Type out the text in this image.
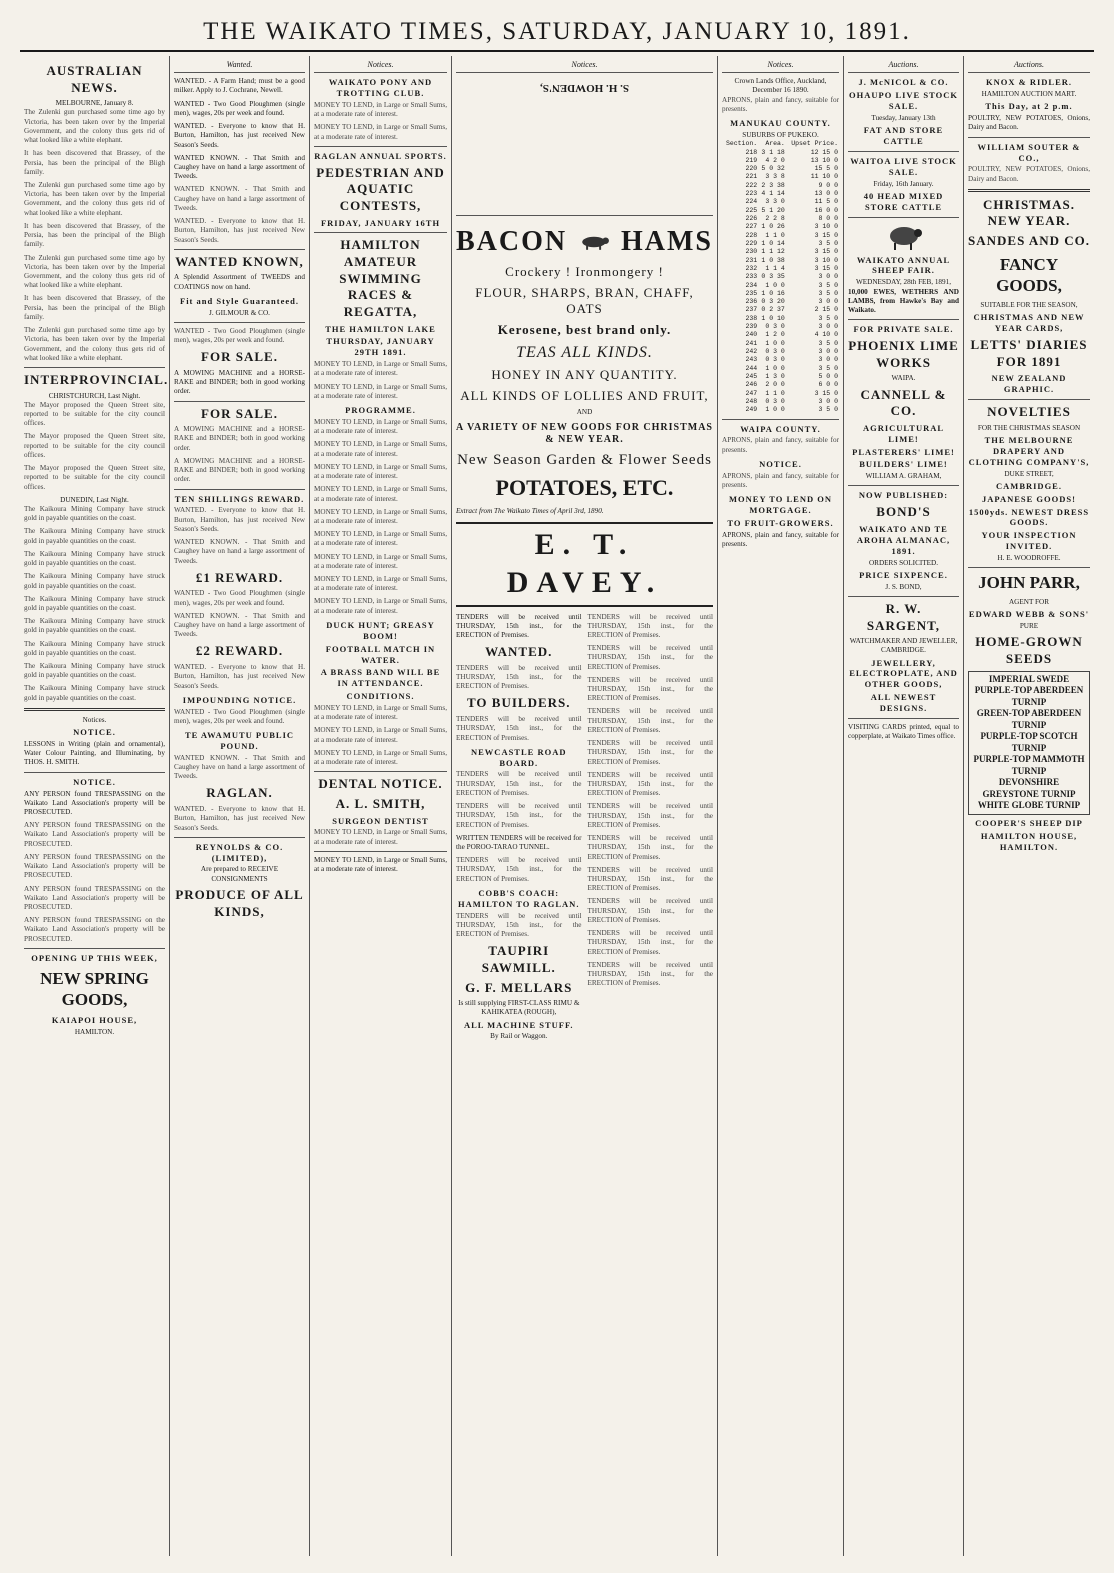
THE WAIKATO TIMES, SATURDAY, JANUARY 10, 1891.
AUSTRALIAN NEWS.
MELBOURNE, January 8.
The Zulenki gun purchased some time ago by Victoria, has been taken over by the Imperial Government, and the colony thus gets rid of what looked like a white elephant.
It has been discovered that Brassey, of the Persia, has been the principal of the Bligh family.
The Zulenki gun purchased some time ago by Victoria, has been taken over by the Imperial Government, and the colony thus gets rid of what looked like a white elephant.
It has been discovered that Brassey, of the Persia, has been the principal of the Bligh family.
The Zulenki gun purchased some time ago by Victoria, has been taken over by the Imperial Government, and the colony thus gets rid of what looked like a white elephant.
It has been discovered that Brassey, of the Persia, has been the principal of the Bligh family.
The Zulenki gun purchased some time ago by Victoria, has been taken over by the Imperial Government, and the colony thus gets rid of what looked like a white elephant.
INTERPROVINCIAL.
CHRISTCHURCH, Last Night.
The Mayor proposed the Queen Street site, reported to be suitable for the city council offices.
The Mayor proposed the Queen Street site, reported to be suitable for the city council offices.
The Mayor proposed the Queen Street site, reported to be suitable for the city council offices.
DUNEDIN, Last Night.
The Kaikoura Mining Company have struck gold in payable quantities on the coast.
The Kaikoura Mining Company have struck gold in payable quantities on the coast.
The Kaikoura Mining Company have struck gold in payable quantities on the coast.
The Kaikoura Mining Company have struck gold in payable quantities on the coast.
The Kaikoura Mining Company have struck gold in payable quantities on the coast.
The Kaikoura Mining Company have struck gold in payable quantities on the coast.
The Kaikoura Mining Company have struck gold in payable quantities on the coast.
The Kaikoura Mining Company have struck gold in payable quantities on the coast.
The Kaikoura Mining Company have struck gold in payable quantities on the coast.
Notices.
NOTICE.
LESSONS in Writing (plain and ornamental), Water Colour Painting, and Illuminating, by THOS. H. SMITH.
NOTICE.
ANY PERSON found TRESPASSING on the Waikato Land Association's property will be PROSECUTED.
ANY PERSON found TRESPASSING on the Waikato Land Association's property will be PROSECUTED.
ANY PERSON found TRESPASSING on the Waikato Land Association's property will be PROSECUTED.
ANY PERSON found TRESPASSING on the Waikato Land Association's property will be PROSECUTED.
ANY PERSON found TRESPASSING on the Waikato Land Association's property will be PROSECUTED.
OPENING UP THIS WEEK,
NEW SPRING GOODS,
KAIAPOI HOUSE,
HAMILTON.
Wanted.
WANTED. - A Farm Hand; must be a good milker. Apply to J. Cochrane, Newell.
WANTED - Two Good Ploughmen (single men), wages, 20s per week and found.
WANTED. - Everyone to know that H. Burton, Hamilton, has just received New Season's Seeds.
WANTED KNOWN. - That Smith and Caughey have on hand a large assortment of Tweeds.
WANTED KNOWN. - That Smith and Caughey have on hand a large assortment of Tweeds.
WANTED. - Everyone to know that H. Burton, Hamilton, has just received New Season's Seeds.
WANTED KNOWN,
A Splendid Assortment of TWEEDS and COATINGS now on hand.
Fit and Style Guaranteed.
J. GILMOUR & CO.
WANTED - Two Good Ploughmen (single men), wages, 20s per week and found.
FOR SALE.
A MOWING MACHINE and a HORSE-RAKE and BINDER; both in good working order.
FOR SALE.
A MOWING MACHINE and a HORSE-RAKE and BINDER; both in good working order.
A MOWING MACHINE and a HORSE-RAKE and BINDER; both in good working order.
TEN SHILLINGS REWARD.
WANTED. - Everyone to know that H. Burton, Hamilton, has just received New Season's Seeds.
WANTED KNOWN. - That Smith and Caughey have on hand a large assortment of Tweeds.
£1 REWARD.
WANTED - Two Good Ploughmen (single men), wages, 20s per week and found.
WANTED KNOWN. - That Smith and Caughey have on hand a large assortment of Tweeds.
£2 REWARD.
WANTED. - Everyone to know that H. Burton, Hamilton, has just received New Season's Seeds.
IMPOUNDING NOTICE.
WANTED - Two Good Ploughmen (single men), wages, 20s per week and found.
TE AWAMUTU PUBLIC POUND.
WANTED KNOWN. - That Smith and Caughey have on hand a large assortment of Tweeds.
RAGLAN.
WANTED. - Everyone to know that H. Burton, Hamilton, has just received New Season's Seeds.
REYNOLDS & CO. (LIMITED),
Are prepared to RECEIVE CONSIGNMENTS
PRODUCE OF ALL KINDS,
Notices.
WAIKATO PONY AND TROTTING CLUB.
MONEY TO LEND, in Large or Small Sums, at a moderate rate of interest.
MONEY TO LEND, in Large or Small Sums, at a moderate rate of interest.
RAGLAN ANNUAL SPORTS.
PEDESTRIAN AND AQUATIC CONTESTS,
FRIDAY, JANUARY 16TH
HAMILTON AMATEUR SWIMMING RACES & REGATTA,
THE HAMILTON LAKE
THURSDAY, JANUARY 29TH 1891.
MONEY TO LEND, in Large or Small Sums, at a moderate rate of interest.
MONEY TO LEND, in Large or Small Sums, at a moderate rate of interest.
PROGRAMME.
MONEY TO LEND, in Large or Small Sums, at a moderate rate of interest.
MONEY TO LEND, in Large or Small Sums, at a moderate rate of interest.
MONEY TO LEND, in Large or Small Sums, at a moderate rate of interest.
MONEY TO LEND, in Large or Small Sums, at a moderate rate of interest.
MONEY TO LEND, in Large or Small Sums, at a moderate rate of interest.
MONEY TO LEND, in Large or Small Sums, at a moderate rate of interest.
MONEY TO LEND, in Large or Small Sums, at a moderate rate of interest.
MONEY TO LEND, in Large or Small Sums, at a moderate rate of interest.
MONEY TO LEND, in Large or Small Sums, at a moderate rate of interest.
DUCK HUNT; GREASY BOOM!
FOOTBALL MATCH IN WATER.
A BRASS BAND WILL BE IN ATTENDANCE.
CONDITIONS.
MONEY TO LEND, in Large or Small Sums, at a moderate rate of interest.
MONEY TO LEND, in Large or Small Sums, at a moderate rate of interest.
MONEY TO LEND, in Large or Small Sums, at a moderate rate of interest.
DENTAL NOTICE.
A. L. SMITH,
SURGEON DENTIST
MONEY TO LEND, in Large or Small Sums, at a moderate rate of interest.
MONEY TO LEND, in Large or Small Sums, at a moderate rate of interest.
Notices.
S. H. HOWDEN'S,
BACON HAMS
Crockery ! Ironmongery !
FLOUR, SHARPS, BRAN, CHAFF, OATS
Kerosene, best brand only.
TEAS ALL KINDS.
HONEY IN ANY QUANTITY.
ALL KINDS OF LOLLIES AND FRUIT,
AND
A VARIETY OF NEW GOODS FOR CHRISTMAS & NEW YEAR.
New Season Garden & Flower Seeds
POTATOES, ETC.
Extract from The Waikato Times of April 3rd, 1890.
E. T. DAVEY.
TENDERS will be received until THURSDAY, 15th inst., for the ERECTION of Premises.
WANTED.
TENDERS will be received until THURSDAY, 15th inst., for the ERECTION of Premises.
TO BUILDERS.
TENDERS will be received until THURSDAY, 15th inst., for the ERECTION of Premises.
NEWCASTLE ROAD BOARD.
TENDERS will be received until THURSDAY, 15th inst., for the ERECTION of Premises.
TENDERS will be received until THURSDAY, 15th inst., for the ERECTION of Premises.
WRITTEN TENDERS will be received for the POROO-TARAO TUNNEL.
TENDERS will be received until THURSDAY, 15th inst., for the ERECTION of Premises.
COBB'S COACH: HAMILTON TO RAGLAN.
TENDERS will be received until THURSDAY, 15th inst., for the ERECTION of Premises.
TAUPIRI SAWMILL.
G. F. MELLARS
Is still supplying FIRST-CLASS RIMU & KAHIKATEA (ROUGH),
ALL MACHINE STUFF.
By Rail or Waggon.
TENDERS will be received until THURSDAY, 15th inst., for the ERECTION of Premises.
TENDERS will be received until THURSDAY, 15th inst., for the ERECTION of Premises.
TENDERS will be received until THURSDAY, 15th inst., for the ERECTION of Premises.
TENDERS will be received until THURSDAY, 15th inst., for the ERECTION of Premises.
TENDERS will be received until THURSDAY, 15th inst., for the ERECTION of Premises.
TENDERS will be received until THURSDAY, 15th inst., for the ERECTION of Premises.
TENDERS will be received until THURSDAY, 15th inst., for the ERECTION of Premises.
TENDERS will be received until THURSDAY, 15th inst., for the ERECTION of Premises.
TENDERS will be received until THURSDAY, 15th inst., for the ERECTION of Premises.
TENDERS will be received until THURSDAY, 15th inst., for the ERECTION of Premises.
TENDERS will be received until THURSDAY, 15th inst., for the ERECTION of Premises.
TENDERS will be received until THURSDAY, 15th inst., for the ERECTION of Premises.
Notices.
Crown Lands Office, Auckland, December 16 1890.
APRONS, plain and fancy, suitable for presents.
MANUKAU COUNTY.
SUBURBS OF PUKEKO.
Section.	Area.	Upset Price.
218	3 1 18	12 15 0
219	4 2 0	13 10 0
220	5 0 32	15 5 0
221	3 3 8	11 10 0
222	2 3 38	9 0 0
223	4 1 14	13 0 0
224	3 3 0	11 5 0
225	5 1 20	16 0 0
226	2 2 8	8 0 0
227	1 0 26	3 10 0
228	1 1 0	3 15 0
229	1 0 14	3 5 0
230	1 1 12	3 15 0
231	1 0 38	3 10 0
232	1 1 4	3 15 0
233	0 3 35	3 0 0
234	1 0 0	3 5 0
235	1 0 16	3 5 0
236	0 3 20	3 0 0
237	0 2 37	2 15 0
238	1 0 10	3 5 0
239	0 3 0	3 0 0
240	1 2 0	4 10 0
241	1 0 0	3 5 0
242	0 3 0	3 0 0
243	0 3 0	3 0 0
244	1 0 0	3 5 0
245	1 3 0	5 0 0
246	2 0 0	6 0 0
247	1 1 0	3 15 0
248	0 3 0	3 0 0
249	1 0 0	3 5 0
WAIPA COUNTY.
APRONS, plain and fancy, suitable for presents.
NOTICE.
APRONS, plain and fancy, suitable for presents.
MONEY TO LEND ON MORTGAGE.
TO FRUIT-GROWERS.
APRONS, plain and fancy, suitable for presents.
Auctions.
J. McNICOL & CO.
OHAUPO LIVE STOCK SALE.
Tuesday, January 13th
FAT AND STORE CATTLE
WAITOA LIVE STOCK SALE.
Friday, 16th January.
40 HEAD MIXED STORE CATTLE
WAIKATO ANNUAL SHEEP FAIR.
WEDNESDAY, 28th FEB, 1891,
10,000 EWES, WETHERS AND LAMBS, from Hawke's Bay and Waikato.
FOR PRIVATE SALE.
PHOENIX LIME WORKS
WAIPA.
CANNELL & CO.
AGRICULTURAL LIME!
PLASTERERS' LIME!
BUILDERS' LIME!
WILLIAM A. GRAHAM,
NOW PUBLISHED:
BOND'S
WAIKATO AND TE AROHA ALMANAC, 1891.
ORDERS SOLICITED.
PRICE SIXPENCE.
J. S. BOND,
R. W. SARGENT,
WATCHMAKER AND JEWELLER, CAMBRIDGE.
JEWELLERY, ELECTROPLATE, AND OTHER GOODS,
ALL NEWEST DESIGNS.
VISITING CARDS printed, equal to copperplate, at Waikato Times office.
Auctions.
KNOX & RIDLER.
HAMILTON AUCTION MART.
This Day, at 2 p.m.
POULTRY, NEW POTATOES, Onions, Dairy and Bacon.
WILLIAM SOUTER & CO.,
POULTRY, NEW POTATOES, Onions, Dairy and Bacon.
CHRISTMAS. NEW YEAR.
SANDES AND CO.
FANCY GOODS,
SUITABLE FOR THE SEASON,
CHRISTMAS AND NEW YEAR CARDS,
LETTS' DIARIES FOR 1891
NEW ZEALAND GRAPHIC.
NOVELTIES
FOR THE CHRISTMAS SEASON
THE MELBOURNE DRAPERY AND CLOTHING COMPANY'S,
DUKE STREET,
CAMBRIDGE.
JAPANESE GOODS!
1500yds. NEWEST DRESS GOODS.
YOUR INSPECTION INVITED.
H. E. WOODROFFE.
JOHN PARR,
AGENT FOR
EDWARD WEBB & SONS'
PURE
HOME-GROWN SEEDS
IMPERIAL SWEDE
PURPLE-TOP ABERDEEN TURNIP
GREEN-TOP ABERDEEN TURNIP
PURPLE-TOP SCOTCH TURNIP
PURPLE-TOP MAMMOTH TURNIP
DEVONSHIRE GREYSTONE TURNIP
WHITE GLOBE TURNIP
COOPER'S SHEEP DIP
HAMILTON HOUSE, HAMILTON.
